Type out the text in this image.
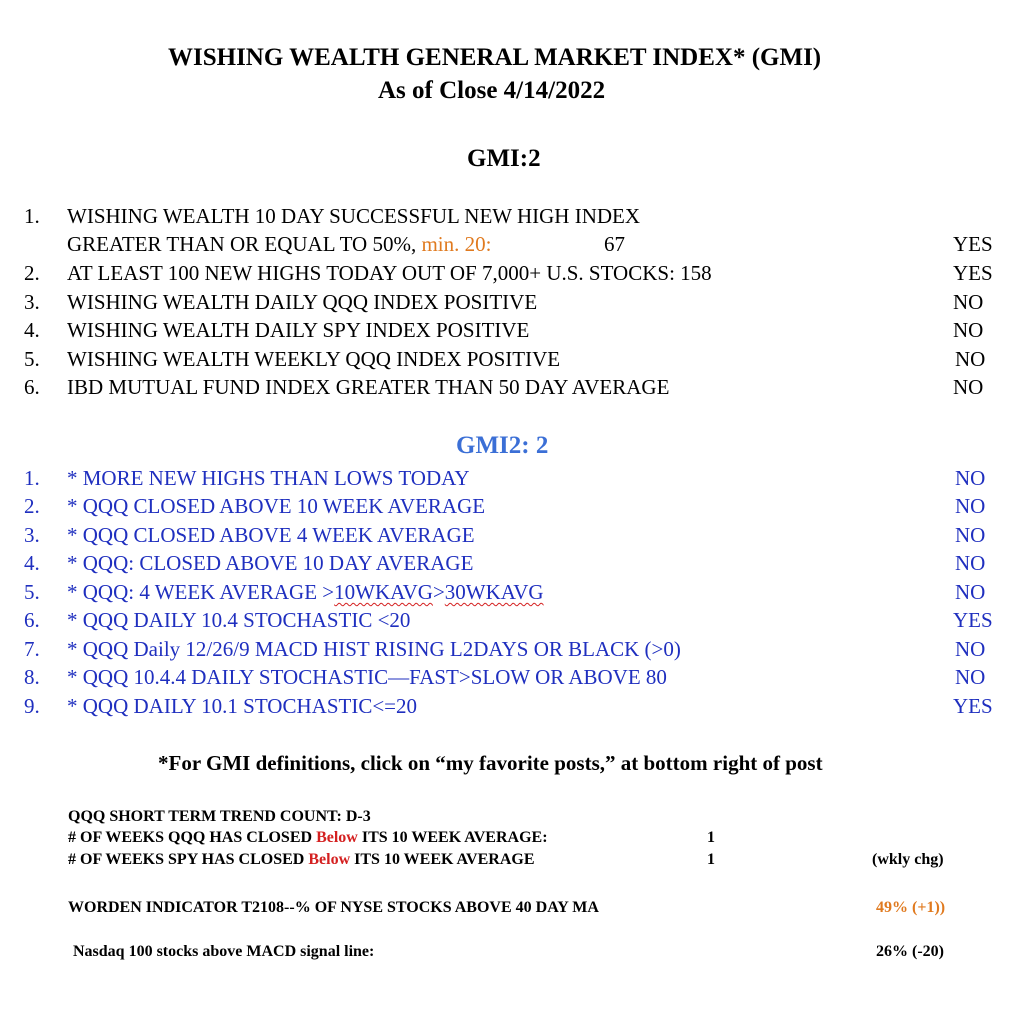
WISHING WEALTH GENERAL MARKET INDEX* (GMI)
As of Close 4/14/2022
GMI:2
1. WISHING WEALTH 10 DAY SUCCESSFUL NEW HIGH INDEX
GREATER THAN OR EQUAL TO 50%, min. 20:	67	YES
2. AT LEAST 100 NEW HIGHS TODAY OUT OF 7,000+ U.S. STOCKS: 158	YES
3. WISHING WEALTH DAILY QQQ INDEX POSITIVE	NO
4. WISHING WEALTH DAILY SPY INDEX POSITIVE	NO
5. WISHING WEALTH WEEKLY QQQ INDEX POSITIVE	NO
6. IBD MUTUAL FUND INDEX GREATER THAN 50 DAY AVERAGE	NO
GMI2: 2
1. * MORE NEW HIGHS THAN LOWS TODAY	NO
2. * QQQ CLOSED ABOVE 10 WEEK AVERAGE	NO
3. * QQQ CLOSED ABOVE 4 WEEK AVERAGE	NO
4. * QQQ: CLOSED ABOVE 10 DAY AVERAGE	NO
5. * QQQ: 4 WEEK AVERAGE >10WKAVG>30WKAVG	NO
6. * QQQ DAILY 10.4 STOCHASTIC <20	YES
7. * QQQ Daily 12/26/9 MACD HIST RISING L2DAYS OR BLACK (>0)	NO
8. * QQQ 10.4.4 DAILY STOCHASTIC—FAST>SLOW OR ABOVE 80	NO
9. * QQQ DAILY 10.1 STOCHASTIC<=20	YES
*For GMI definitions, click on “my favorite posts,” at bottom right of post
QQQ SHORT TERM TREND COUNT: D-3
# OF WEEKS QQQ HAS CLOSED Below ITS 10 WEEK AVERAGE:	1
# OF WEEKS SPY HAS CLOSED Below ITS 10 WEEK AVERAGE	1	(wkly chg)
WORDEN INDICATOR T2108--% OF NYSE STOCKS ABOVE 40 DAY MA	49% (+1))
Nasdaq 100 stocks above MACD signal line:	26% (-20)
